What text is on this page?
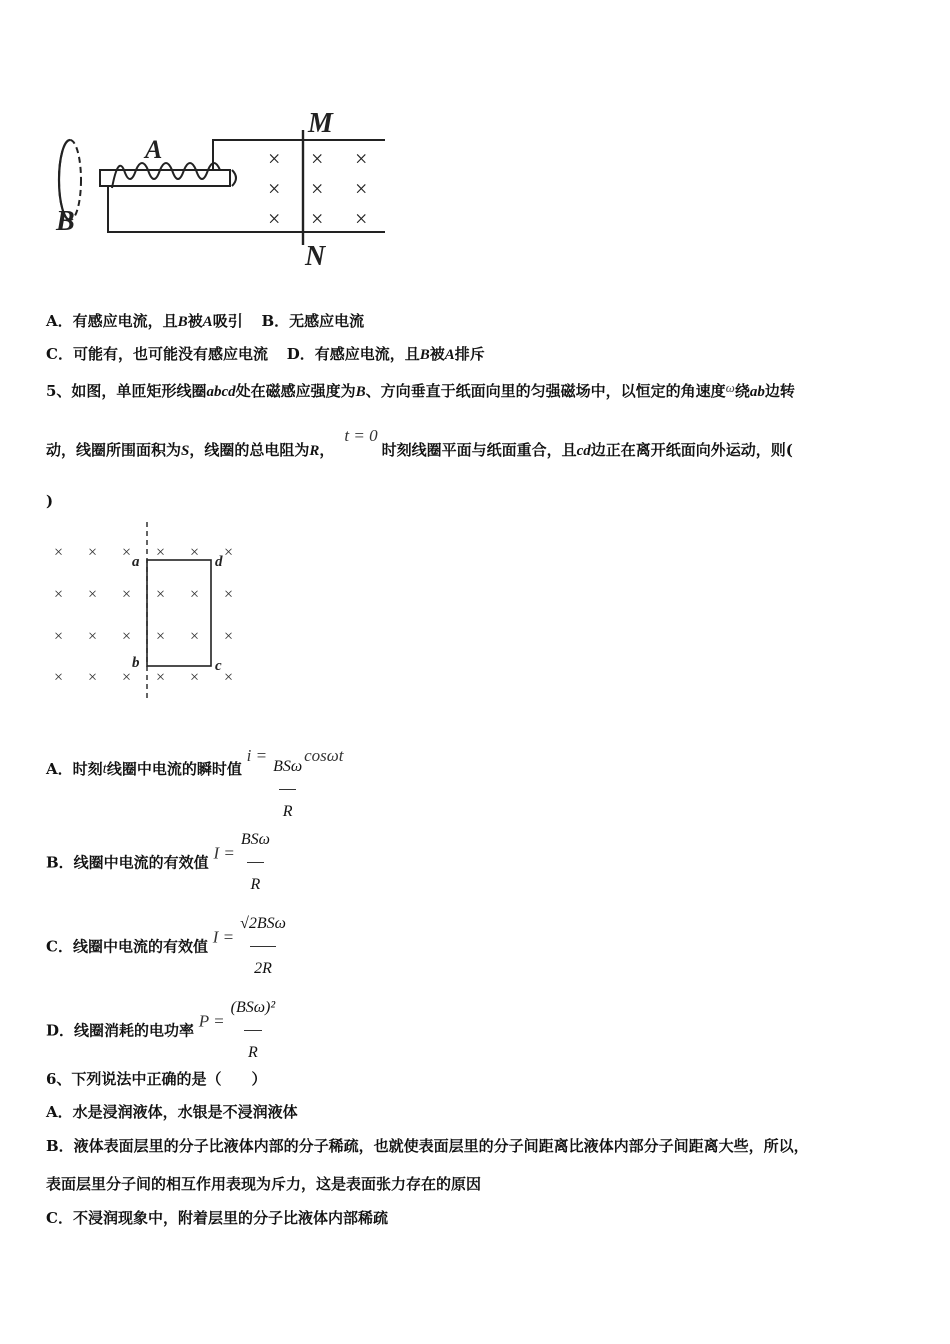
B
A
M
N
× × ×
× × ×
× × ×
A．有感应电流，且B被A吸引 B．无感应电流
C．可能有，也可能没有感应电流 D．有感应电流，且B被A排斥
5、如图，单匝矩形线圈abcd处在磁感应强度为B、方向垂直于纸面向里的匀强磁场中，以恒定的角速度ω绕ab边转
动，线圈所围面积为S，线圈的总电阻为R，t = 0时刻线圈平面与纸面重合，且cd边正在离开纸面向外运动，则(
)
× × × × × ×
× × × × × ×
× × × × × ×
× × × × × ×
a	d
b	c
A．时刻t线圈中电流的瞬时值 $i = \frac{\text{BSω}}{R}$ cosωt
B．线圈中电流的有效值 $I = \frac{\text{BSω}}{R}$
C．线圈中电流的有效值 $I = \frac{\text{√2BSω}}{2R}$
D．线圈消耗的电功率 $P = \frac{\text{(BSω)²}}{R}$
6、下列说法中正确的是（　　）
A．水是浸润液体，水银是不浸润液体
B．液体表面层里的分子比液体内部的分子稀疏，也就使表面层里的分子间距离比液体内部分子间距离大些，所以，
表面层里分子间的相互作用表现为斥力，这是表面张力存在的原因
C．不浸润现象中，附着层里的分子比液体内部稀疏
